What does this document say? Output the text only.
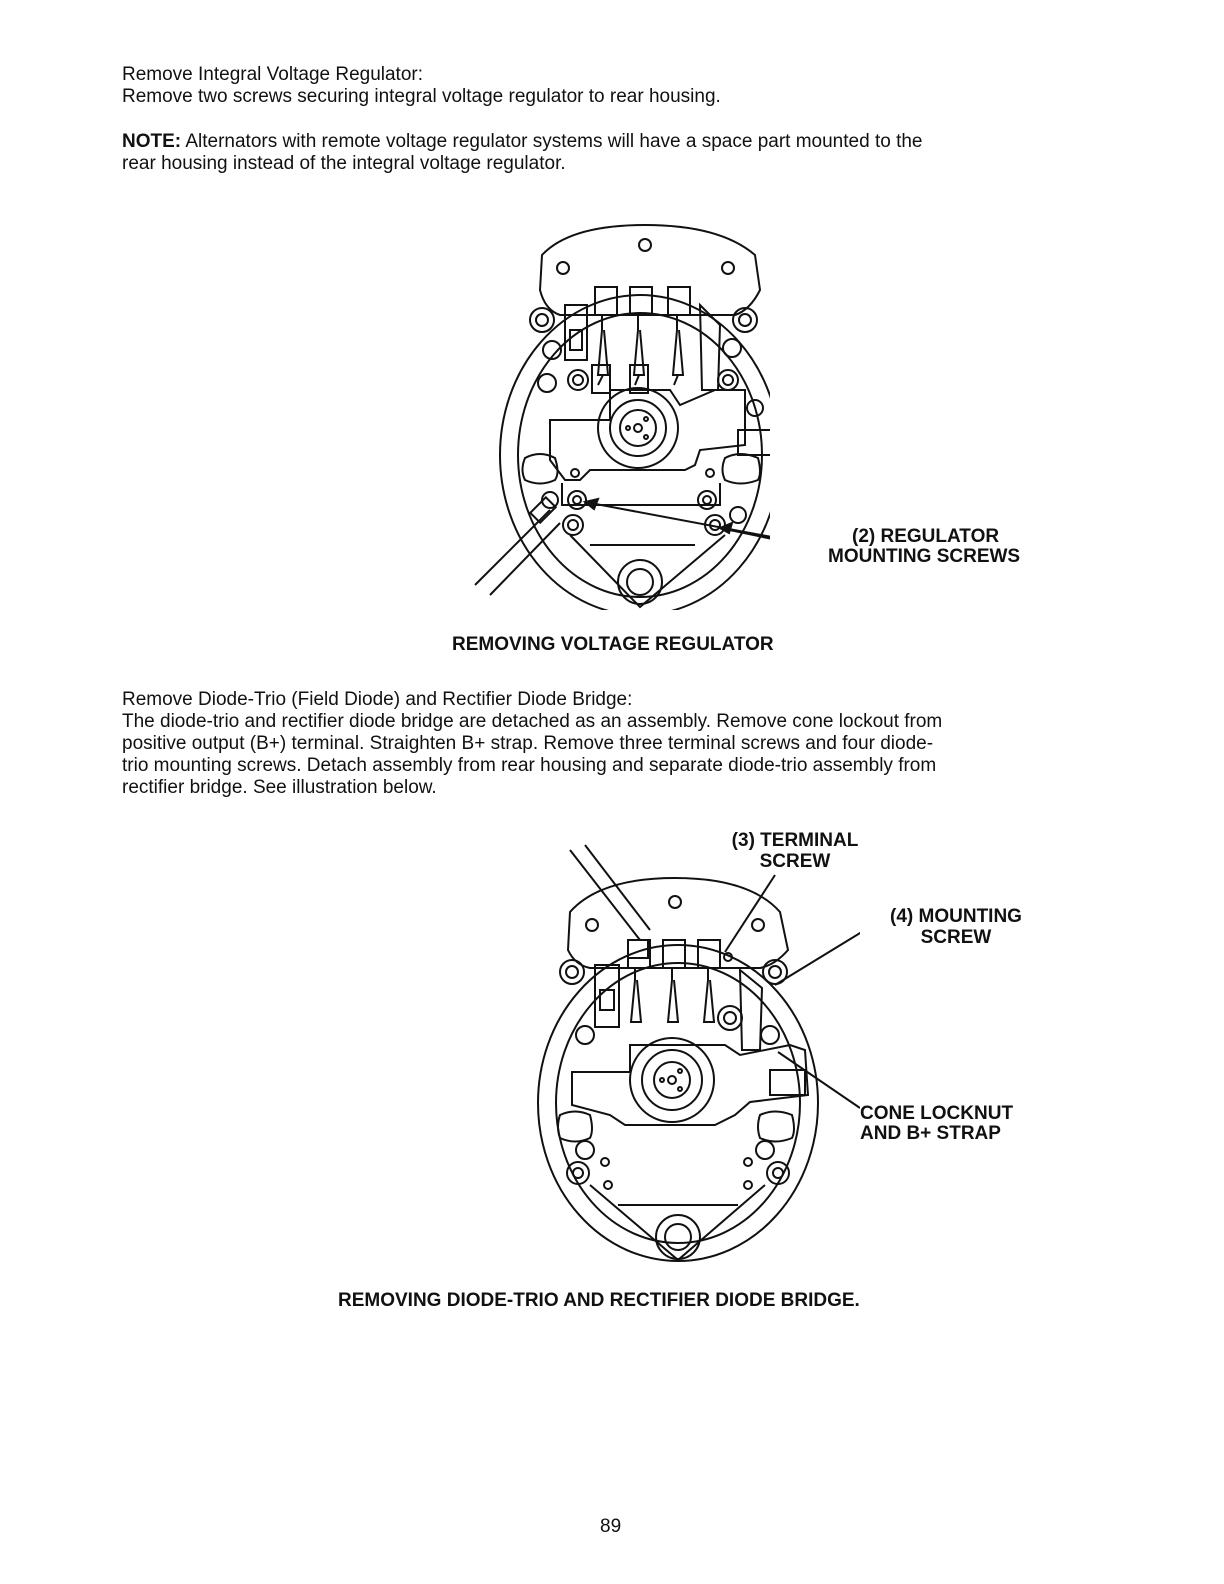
Remove Integral Voltage Regulator:
Remove two screws securing integral voltage regulator to rear housing.
NOTE: Alternators with remote voltage regulator systems will have a space part mounted to the
rear housing instead of the integral voltage regulator.
(2) REGULATOR
MOUNTING SCREWS
REMOVING VOLTAGE REGULATOR
Remove Diode-Trio (Field Diode) and Rectifier Diode Bridge:
The diode-trio and rectifier diode bridge are detached as an assembly. Remove cone lockout from
positive output (B+) terminal. Straighten B+ strap. Remove three terminal screws and four diode-
trio mounting screws. Detach assembly from rear housing and separate diode-trio assembly from
rectifier bridge. See illustration below.
(3) TERMINAL
SCREW
(4) MOUNTING
SCREW
CONE LOCKNUT
AND B+ STRAP
REMOVING DIODE-TRIO AND RECTIFIER DIODE BRIDGE.
89
